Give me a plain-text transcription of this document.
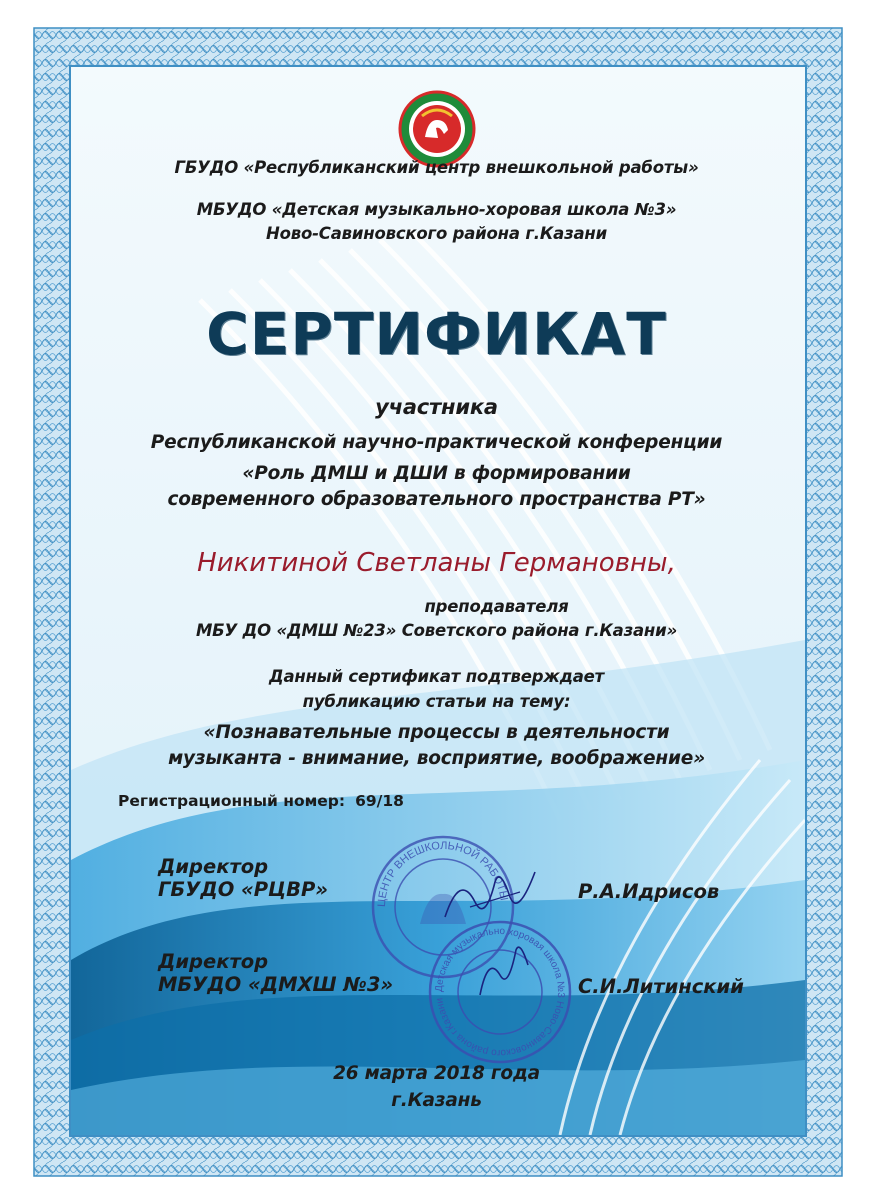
ГБУДО «Республиканский центр внешкольной работы»
МБУДО «Детская музыкально-хоровая школа №3»
Ново-Савиновского района г.Казани
СЕРТИФИКАТ
участника
Республиканской научно-практической конференции
«Роль ДМШ и ДШИ в формировании
современного образовательного пространства РТ»
Никитиной Светланы Германовны,
преподавателя
МБУ ДО «ДМШ №23» Советского района г.Казани»
Данный сертификат подтверждает
публикацию статьи на тему:
«Познавательные процессы в деятельности
музыканта - внимание, восприятие, воображение»
Регистрационный номер: 69/18
ЦЕНТР ВНЕШКОЛЬНОЙ РАБОТЫ
Детская музыкально хоровая школа №3 Ново-Савиновского района г.Казани
Директор
ГБУДО «РЦВР»	Р.А.Идрисов
Директор
МБУДО «ДМХШ №3»	С.И.Литинский
26 марта 2018 года
г.Казань
